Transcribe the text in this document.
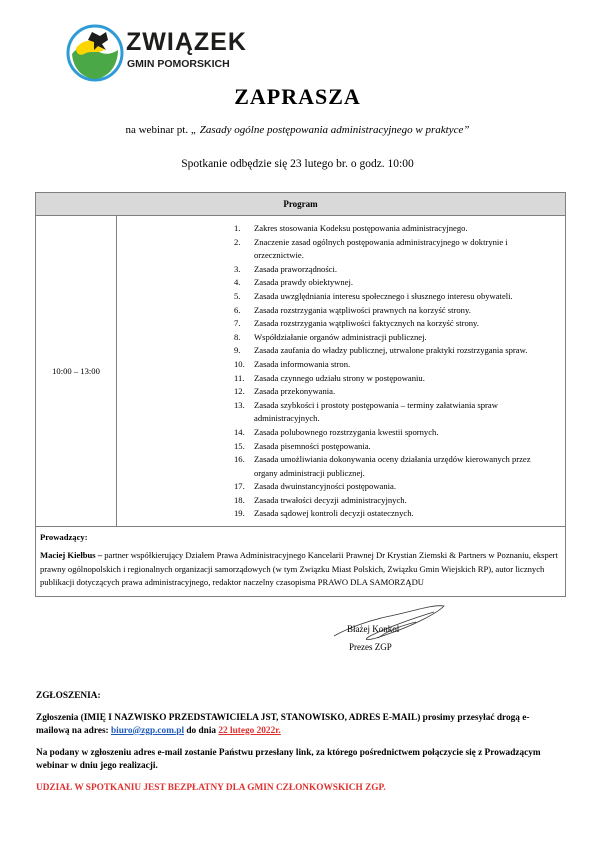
ZWIĄZEK
GMIN POMORSKICH
ZAPRASZA
na webinar pt. „ Zasady ogólne postępowania administracyjnego w praktyce”
Spotkanie odbędzie się 23 lutego br. o godz. 10:00
Program
10:00 – 13:00	
1.	Zakres stosowania Kodeksu postępowania administracyjnego.
2.	Znaczenie zasad ogólnych postępowania administracyjnego w doktrynie i orzecznictwie.
3.	Zasada praworządności.
4.	Zasada prawdy obiektywnej.
5.	Zasada uwzględniania interesu społecznego i słusznego interesu obywateli.
6.	Zasada rozstrzygania wątpliwości prawnych na korzyść strony.
7.	Zasada rozstrzygania wątpliwości faktycznych na korzyść strony.
8.	Współdziałanie organów administracji publicznej.
9.	Zasada zaufania do władzy publicznej, utrwalone praktyki rozstrzygania spraw.
10.	Zasada informowania stron.
11.	Zasada czynnego udziału strony w postępowaniu.
12.	Zasada przekonywania.
13.	Zasada szybkości i prostoty postępowania – terminy załatwiania spraw administracyjnych.
14.	Zasada polubownego rozstrzygania kwestii spornych.
15.	Zasada pisemności postępowania.
16.	Zasada umożliwiania dokonywania oceny działania urzędów kierowanych przez organy administracji publicznej.
17.	Zasada dwuinstancyjności postępowania.
18.	Zasada trwałości decyzji administracyjnych.
19.	Zasada sądowej kontroli decyzji ostatecznych.

Prowadzący:
Maciej Kiełbus – partner współkierujący Działem Prawa Administracyjnego Kancelarii Prawnej Dr Krystian Ziemski & Partners w Poznaniu, ekspert prawny ogólnopolskich i regionalnych organizacji samorządowych (w tym Związku Miast Polskich, Związku Gmin Wiejskich RP), autor licznych publikacji dotyczących prawa administracyjnego, redaktor naczelny czasopisma PRAWO DLA SAMORZĄDU
Błażej Konkol
Prezes ZGP

ZGŁOSZENIA:

Zgłoszenia (IMIĘ I NAZWISKO PRZEDSTAWICIELA JST, STANOWISKO, ADRES E-MAIL) prosimy przesyłać drogą e-mailową na adres: biuro@zgp.com.pl do dnia 22 lutego 2022r.

Na podany w zgłoszeniu adres e-mail zostanie Państwu przesłany link, za którego pośrednictwem połączycie się z Prowadzącym webinar w dniu jego realizacji.

UDZIAŁ W SPOTKANIU JEST BEZPŁATNY DLA GMIN CZŁONKOWSKICH ZGP.
